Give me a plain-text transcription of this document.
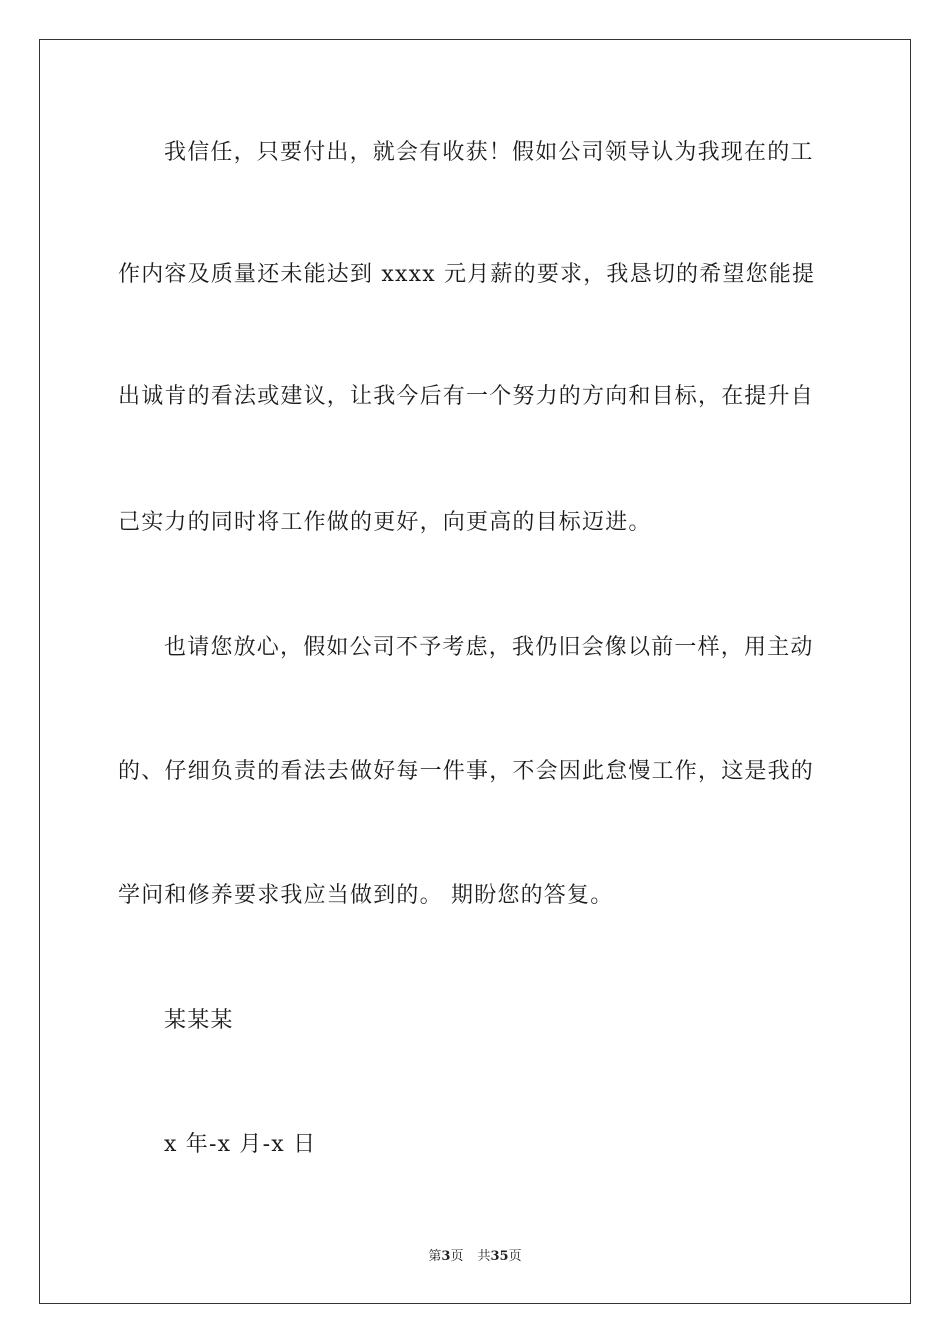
我信任，只要付出，就会有收获！假如公司领导认为我现在的工
作内容及质量还未能达到 xxxx 元月薪的要求，我恳切的希望您能提
出诚肯的看法或建议，让我今后有一个努力的方向和目标，在提升自
己实力的同时将工作做的更好，向更高的目标迈进。
也请您放心，假如公司不予考虑，我仍旧会像以前一样，用主动
的、仔细负责的看法去做好每一件事，不会因此怠慢工作，这是我的
学问和修养要求我应当做到的。 期盼您的答复。
某某某
x 年-x 月-x 日
第3页 共35页
